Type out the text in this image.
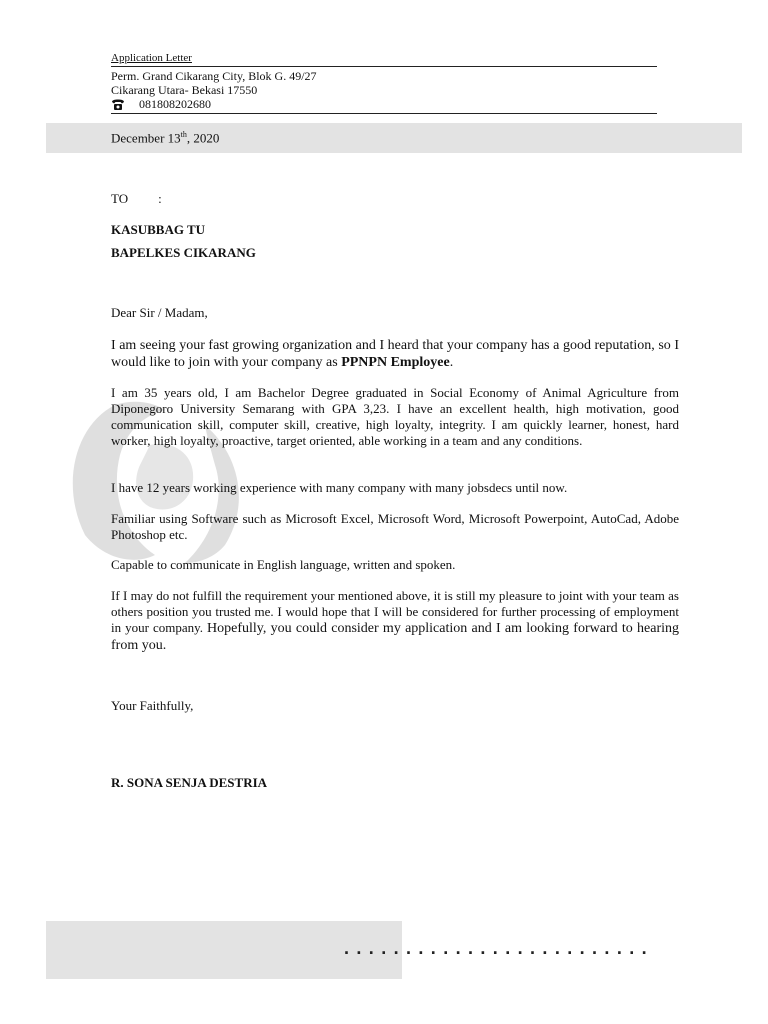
Application Letter
Perm. Grand Cikarang City, Blok G. 49/27
Cikarang Utara- Bekasi 17550
081808202680
December 13th, 2020
TO :
KASUBBAG TU
BAPELKES CIKARANG
Dear Sir / Madam,
I am seeing your fast growing organization and I heard that your company has a good reputation, so I would like to join with your company as PPNPN Employee.
I am 35 years old, I am Bachelor Degree graduated in Social Economy of Animal Agriculture from Diponegoro University Semarang with GPA 3,23. I have an excellent health, high motivation, good communication skill, computer skill, creative, high loyalty, integrity. I am quickly learner, honest, hard worker, high loyalty, proactive, target oriented, able working in a team and any conditions.
I have 12 years working experience with many company with many jobsdecs until now.
Familiar using Software such as Microsoft Excel, Microsoft Word, Microsoft Powerpoint, AutoCad, Adobe Photoshop etc.
Capable to communicate in English language, written and spoken.
If I may do not fulfill the requirement your mentioned above, it is still my pleasure to joint with your team as others position you trusted me. I would hope that I will be considered for further processing of employment in your company. Hopefully, you could consider my application and I am looking forward to hearing from you.
Your Faithfully,
R. SONA SENJA DESTRIA
.........................
